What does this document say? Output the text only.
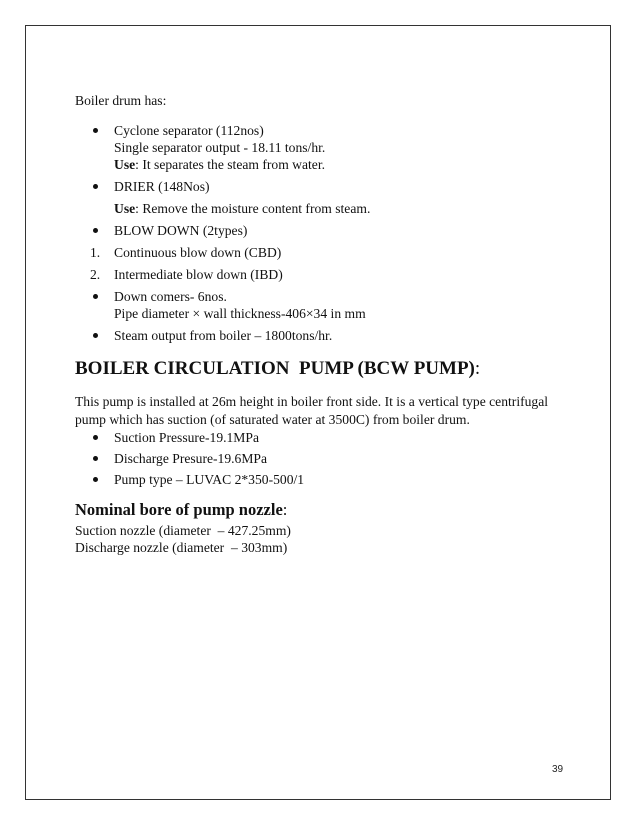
Boiler drum has:

Cyclone separator (112nos)
Single separator output - 18.11 tons/hr.
Use: It separates the steam from water.
DRIER (148Nos)
Use: Remove the moisture content from steam.
BLOW DOWN (2types)
1.	Continuous blow down (CBD)
2.	Intermediate blow down (IBD)
Down comers- 6nos.
Pipe diameter × wall thickness-406×34 in mm
Steam output from boiler – 1800tons/hr.
BOILER CIRCULATION  PUMP (BCW PUMP):

This pump is installed at 26m height in boiler front side. It is a vertical type centrifugal pump which has suction (of saturated water at 3500C) from boiler drum.

Suction Pressure-19.1MPa
Discharge Presure-19.6MPa
Pump type – LUVAC 2*350-500/1
Nominal bore of pump nozzle:
Suction nozzle (diameter  – 427.25mm)
Discharge nozzle (diameter  – 303mm)
39
